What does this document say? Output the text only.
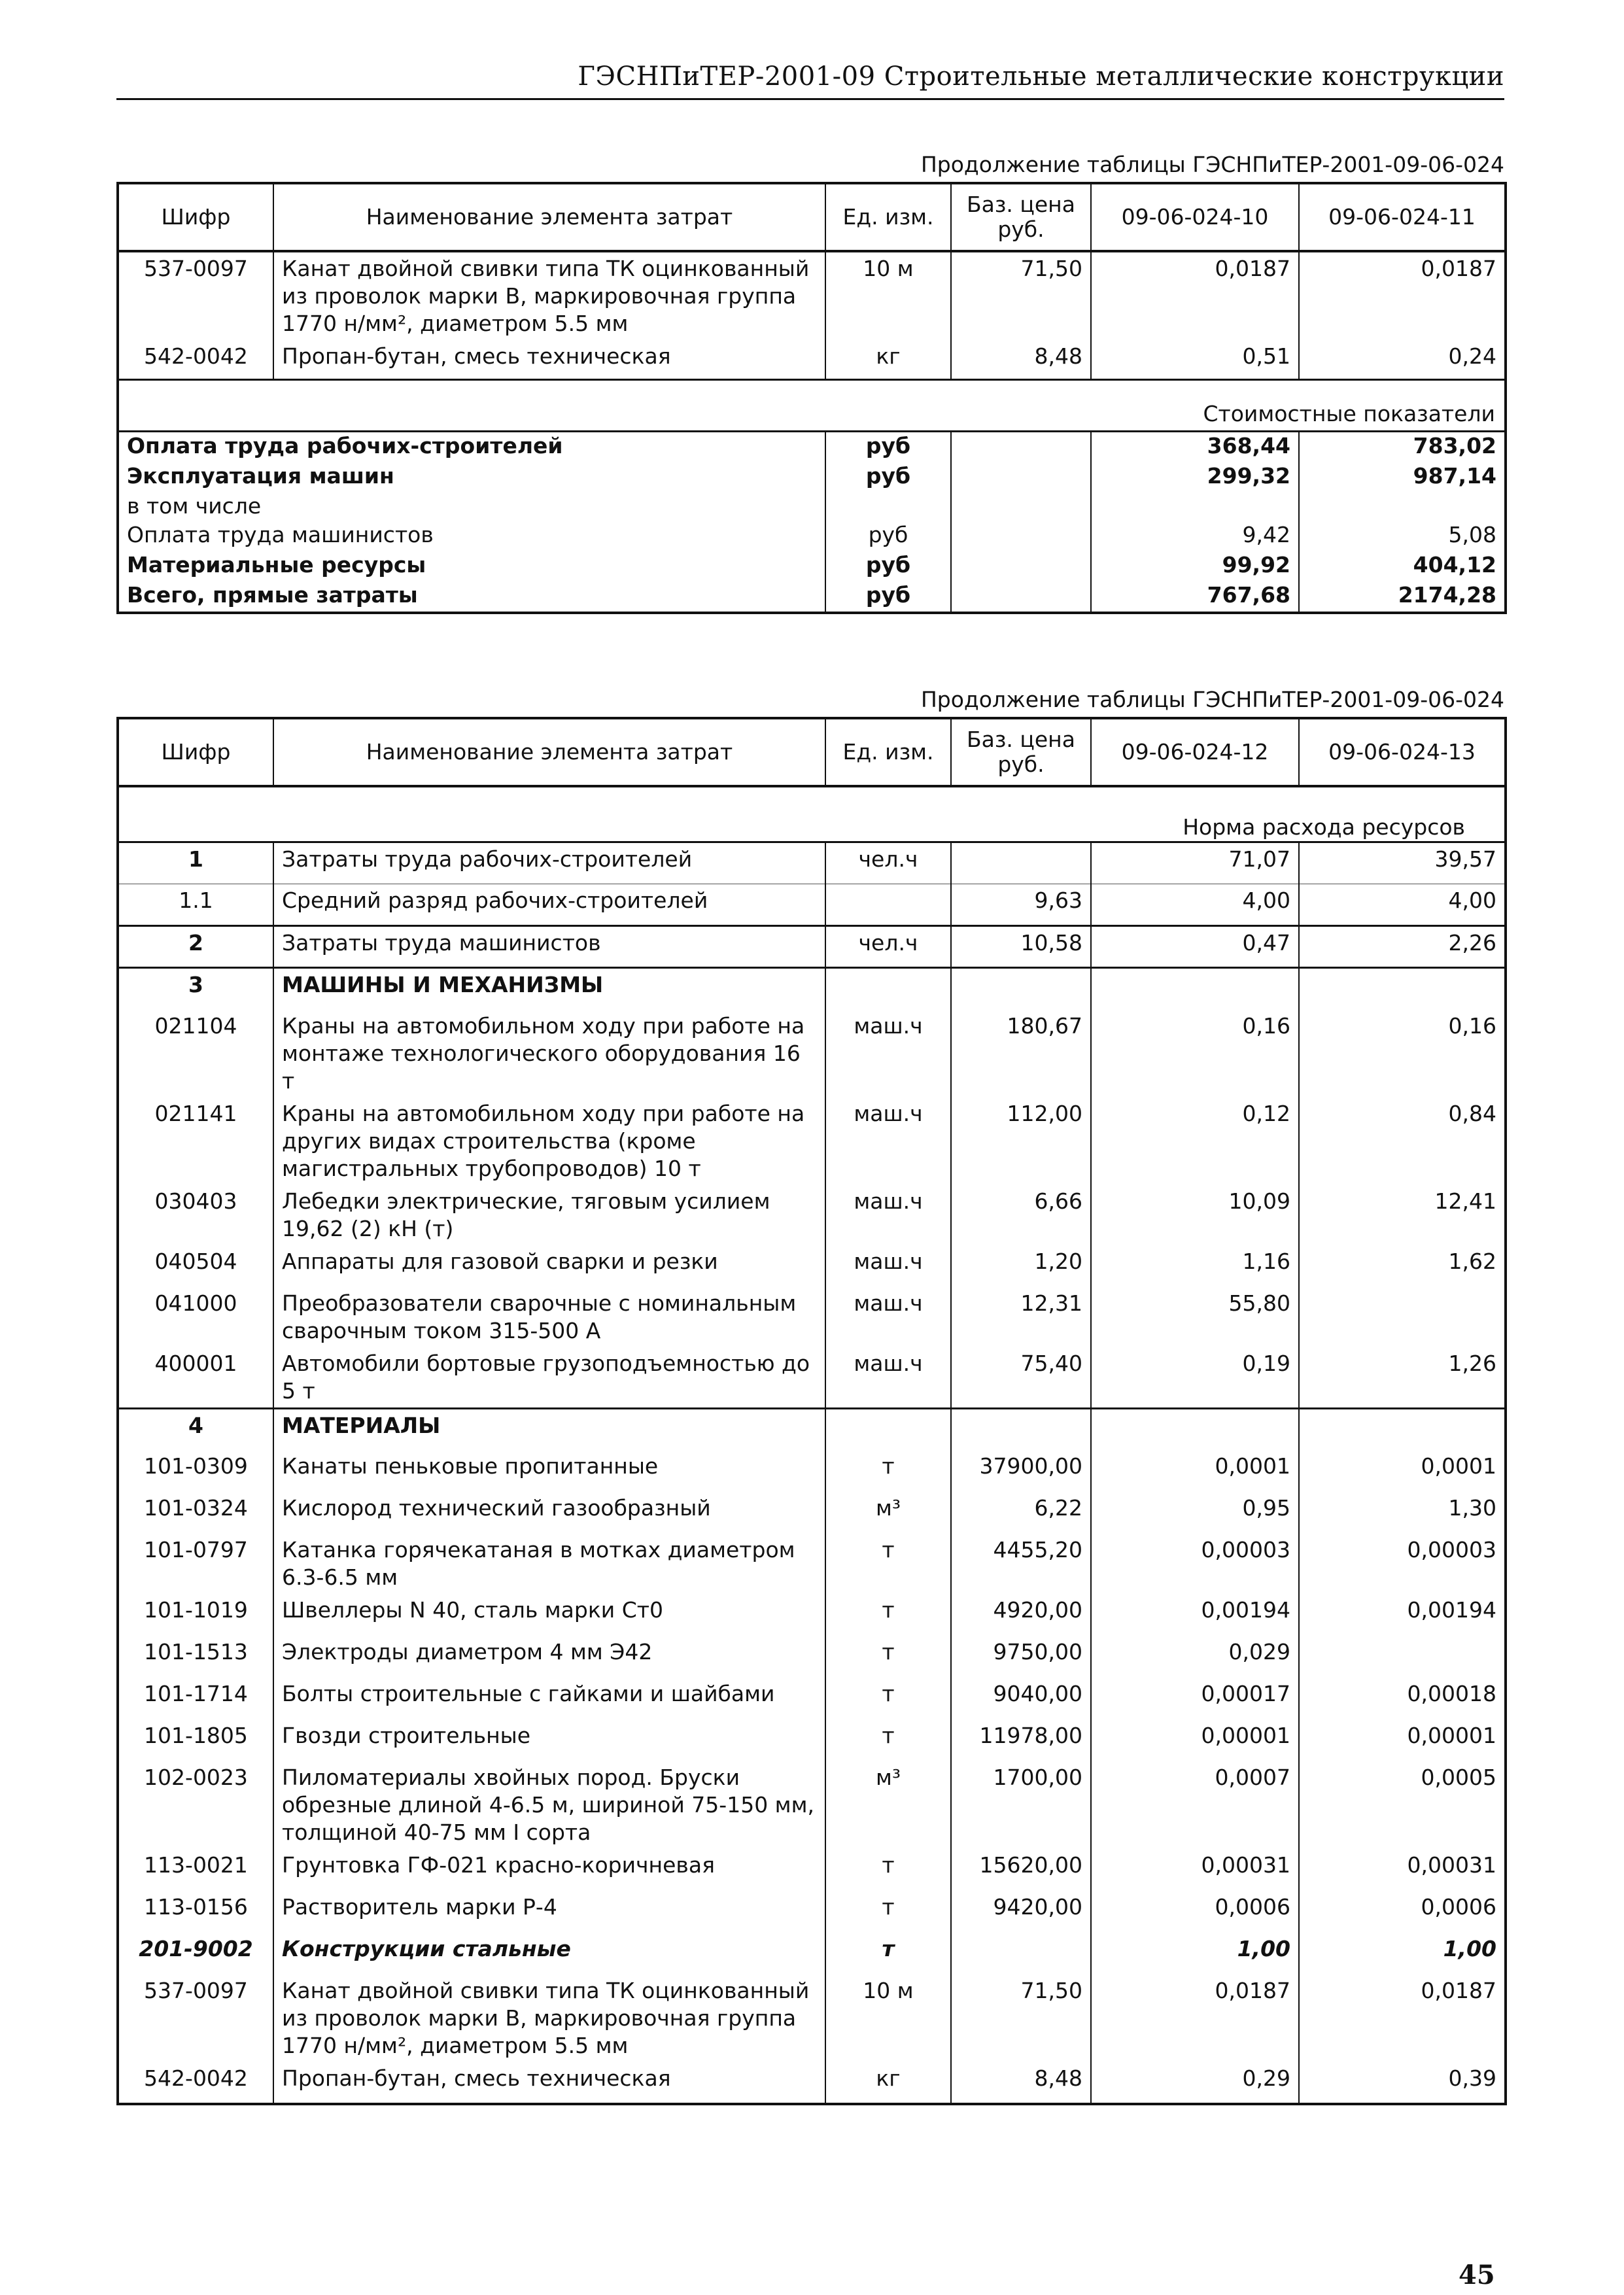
ГЭСНПиТЕР-2001-09 Строительные металлические конструкции
Продолжение таблицы ГЭСНПиТЕР-2001-09-06-024
Шифр	Наименование элемента затрат	Ед. изм.	Баз. цена руб.	09-06-024-10	09-06-024-11
537-0097	Канат двойной свивки типа ТК оцинкованный из проволок марки В, маркировочная группа 1770 н/мм², диаметром 5.5 мм	10 м	71,50	0,0187	0,0187
542-0042	Пропан-бутан, смесь техническая	кг	8,48	0,51	0,24
Стоимостные показатели					
Оплата труда рабочих-строителей		руб		368,44	783,02
Эксплуатация машин		руб		299,32	987,14
в том числе					
Оплата труда машинистов		руб		9,42	5,08
Материальные ресурсы		руб		99,92	404,12
Всего, прямые затраты		руб		767,68	2174,28
Продолжение таблицы ГЭСНПиТЕР-2001-09-06-024
Шифр	Наименование элемента затрат	Ед. изм.	Баз. цена руб.	09-06-024-12	09-06-024-13
Норма расхода ресурсов					
1	Затраты труда рабочих-строителей	чел.ч		71,07	39,57
1.1	Средний разряд рабочих-строителей		9,63	4,00	4,00
2	Затраты труда машинистов	чел.ч	10,58	0,47	2,26
3	МАШИНЫ И МЕХАНИЗМЫ				
021104	Краны на автомобильном ходу при работе на монтаже технологического оборудования 16 т	маш.ч	180,67	0,16	0,16
021141	Краны на автомобильном ходу при работе на других видах строительства (кроме магистральных трубопроводов) 10 т	маш.ч	112,00	0,12	0,84
030403	Лебедки электрические, тяговым усилием 19,62 (2) кН (т)	маш.ч	6,66	10,09	12,41
040504	Аппараты для газовой сварки и резки	маш.ч	1,20	1,16	1,62
041000	Преобразователи сварочные с номинальным сварочным током 315-500 А	маш.ч	12,31	55,80	
400001	Автомобили бортовые грузоподъемностью до 5 т	маш.ч	75,40	0,19	1,26
4	МАТЕРИАЛЫ				
101-0309	Канаты пеньковые пропитанные	т	37900,00	0,0001	0,0001
101-0324	Кислород технический газообразный	м³	6,22	0,95	1,30
101-0797	Катанка горячекатаная в мотках диаметром 6.3-6.5 мм	т	4455,20	0,00003	0,00003
101-1019	Швеллеры N 40, сталь марки Ст0	т	4920,00	0,00194	0,00194
101-1513	Электроды диаметром 4 мм Э42	т	9750,00	0,029	
101-1714	Болты строительные с гайками и шайбами	т	9040,00	0,00017	0,00018
101-1805	Гвозди строительные	т	11978,00	0,00001	0,00001
102-0023	Пиломатериалы хвойных пород. Бруски обрезные длиной 4-6.5 м, шириной 75-150 мм, толщиной 40-75 мм I сорта	м³	1700,00	0,0007	0,0005
113-0021	Грунтовка ГФ-021 красно-коричневая	т	15620,00	0,00031	0,00031
113-0156	Растворитель марки Р-4	т	9420,00	0,0006	0,0006
201-9002	Конструкции стальные	т		1,00	1,00
537-0097	Канат двойной свивки типа ТК оцинкованный из проволок марки В, маркировочная группа 1770 н/мм², диаметром 5.5 мм	10 м	71,50	0,0187	0,0187
542-0042	Пропан-бутан, смесь техническая	кг	8,48	0,29	0,39
45
